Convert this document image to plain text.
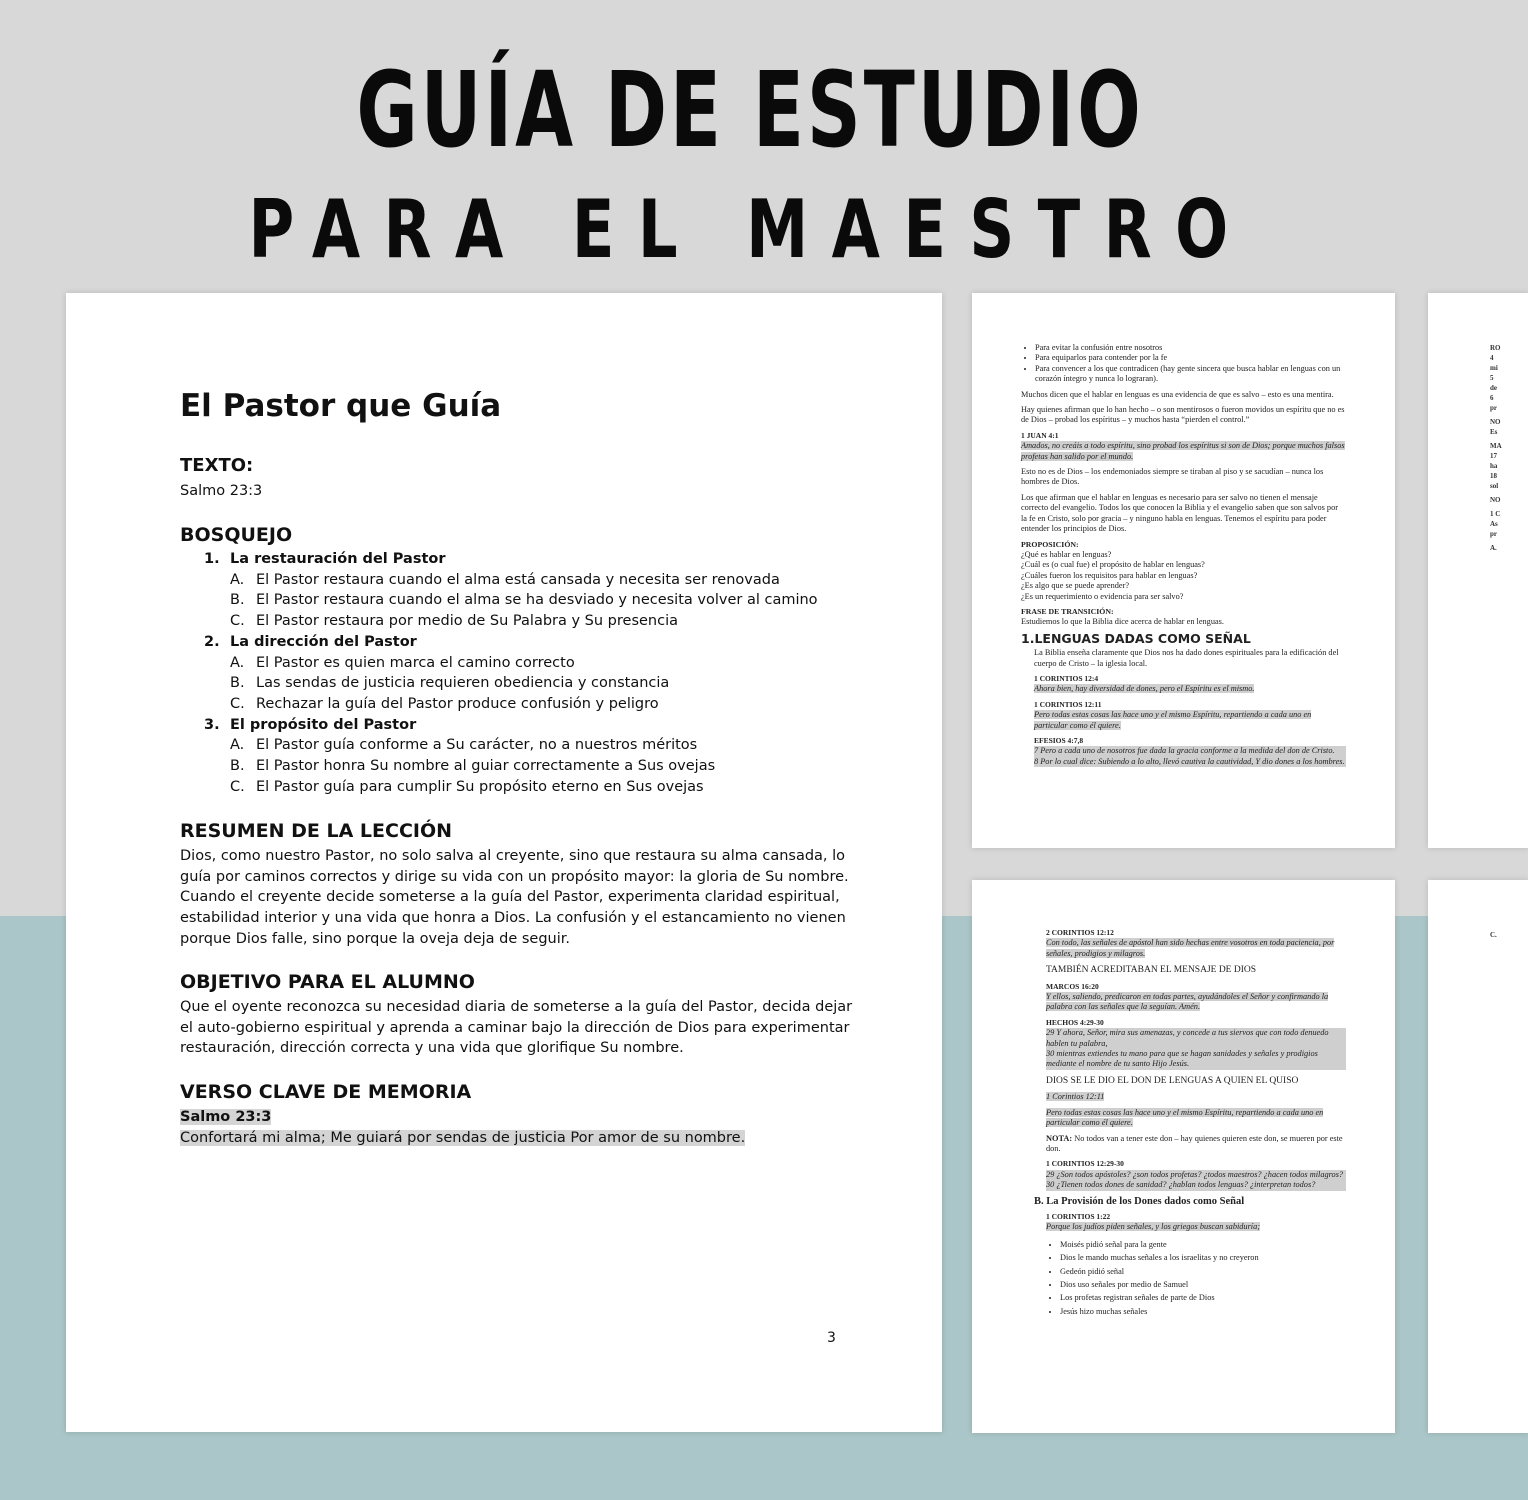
GUÍA DE ESTUDIO
PARA EL MAESTRO
El Pastor que Guía
TEXTO:
Salmo 23:3
BOSQUEJO
1. La restauración del Pastor
A. El Pastor restaura cuando el alma está cansada y necesita ser renovada
B. El Pastor restaura cuando el alma se ha desviado y necesita volver al camino
C. El Pastor restaura por medio de Su Palabra y Su presencia
2. La dirección del Pastor
A. El Pastor es quien marca el camino correcto
B. Las sendas de justicia requieren obediencia y constancia
C. Rechazar la guía del Pastor produce confusión y peligro
3. El propósito del Pastor
A. El Pastor guía conforme a Su carácter, no a nuestros méritos
B. El Pastor honra Su nombre al guiar correctamente a Sus ovejas
C. El Pastor guía para cumplir Su propósito eterno en Sus ovejas
RESUMEN DE LA LECCIÓN
Dios, como nuestro Pastor, no solo salva al creyente, sino que restaura su alma cansada, lo guía por caminos correctos y dirige su vida con un propósito mayor: la gloria de Su nombre. Cuando el creyente decide someterse a la guía del Pastor, experimenta claridad espiritual, estabilidad interior y una vida que honra a Dios. La confusión y el estancamiento no vienen porque Dios falle, sino porque la oveja deja de seguir.
OBJETIVO PARA EL ALUMNO
Que el oyente reconozca su necesidad diaria de someterse a la guía del Pastor, decida dejar el auto-gobierno espiritual y aprenda a caminar bajo la dirección de Dios para experimentar restauración, dirección correcta y una vida que glorifique Su nombre.
VERSO CLAVE DE MEMORIA
Salmo 23:3
Confortará mi alma; Me guiará por sendas de justicia Por amor de su nombre.
3
• Para evitar la confusión entre nosotros
• Para equiparlos para contender por la fe
• Para convencer a los que contradicen (hay gente sincera que busca hablar en lenguas con un corazón íntegro y nunca lo lograran).

Muchos dicen que el hablar en lenguas es una evidencia de que es salvo – esto es una mentira.

Hay quienes afirman que lo han hecho – o son mentirosos o fueron movidos un espíritu que no es de Dios – probad los espíritus – y muchos hasta “pierden el control.”

1 JUAN 4:1

Amados, no creáis a todo espíritu, sino probad los espíritus si son de Dios; porque muchos falsos profetas han salido por el mundo.

Esto no es de Dios – los endemoniados siempre se tiraban al piso y se sacudían – nunca los hombres de Dios.

Los que afirman que el hablar en lenguas es necesario para ser salvo no tienen el mensaje correcto del evangelio. Todos los que conocen la Biblia y el evangelio saben que son salvos por la fe en Cristo, solo por gracia – y ninguno habla en lenguas. Tenemos el espíritu para poder entender los principios de Dios.

PROPOSICIÓN:

¿Qué es hablar en lenguas?
¿Cuál es (o cual fue) el propósito de hablar en lenguas?
¿Cuáles fueron los requisitos para hablar en lenguas?
¿Es algo que se puede aprender?
¿Es un requerimiento o evidencia para ser salvo?

FRASE DE TRANSICIÓN:

Estudiemos lo que la Biblia dice acerca de hablar en lenguas.

1.LENGUAS DADAS COMO SEÑAL

La Biblia enseña claramente que Dios nos ha dado dones espirituales para la edificación del cuerpo de Cristo – la iglesia local.

1 CORINTIOS 12:4

Ahora bien, hay diversidad de dones, pero el Espíritu es el mismo.

1 CORINTIOS 12:11

Pero todas estas cosas las hace uno y el mismo Espíritu, repartiendo a cada uno en particular como él quiere.

EFESIOS 4:7,8
7 Pero a cada uno de nosotros fue dada la gracia conforme a la medida del don de Cristo.
8 Por lo cual dice: Subiendo a lo alto, llevó cautiva la cautividad, Y dio dones a los hombres.
2 CORINTIOS 12:12

Con todo, las señales de apóstol han sido hechas entre vosotros en toda paciencia, por señales, prodigios y milagros.

TAMBIÉN ACREDITABAN EL MENSAJE DE DIOS
MARCOS 16:20

Y ellos, saliendo, predicaron en todas partes, ayudándoles el Señor y confirmando la palabra con las señales que la seguían. Amén.

HECHOS 4:29-30
29 Y ahora, Señor, mira sus amenazas, y concede a tus siervos que con todo denuedo hablen tu palabra,
30 mientras extiendes tu mano para que se hagan sanidades y señales y prodigios mediante el nombre de tu santo Hijo Jesús.
DIOS SE LE DIO EL DON DE LENGUAS A QUIEN EL QUISO

1 Corintios 12:11

Pero todas estas cosas las hace uno y el mismo Espíritu, repartiendo a cada uno en particular como él quiere.

NOTA: No todos van a tener este don – hay quienes quieren este don, se mueren por este don.

1 CORINTIOS 12:29-30
29 ¿Son todos apóstoles? ¿son todos profetas? ¿todos maestros? ¿hacen todos milagros?
30 ¿Tienen todos dones de sanidad? ¿hablan todos lenguas? ¿interpretan todos?
B. La Provisión de los Dones dados como Señal
1 CORINTIOS 1:22

Porque los judíos piden señales, y los griegos buscan sabiduría;

• Moisés pidió señal para la gente
• Dios le mando muchas señales a los israelitas y no creyeron
• Gedeón pidió señal
• Dios uso señales por medio de Samuel
• Los profetas registran señales de parte de Dios
• Jesús hizo muchas señales
RO
4
mi
5
de
6
pr
NO
Es
MA
17
ha
18
sol
NO
1 C
As
pr
A.
C.
